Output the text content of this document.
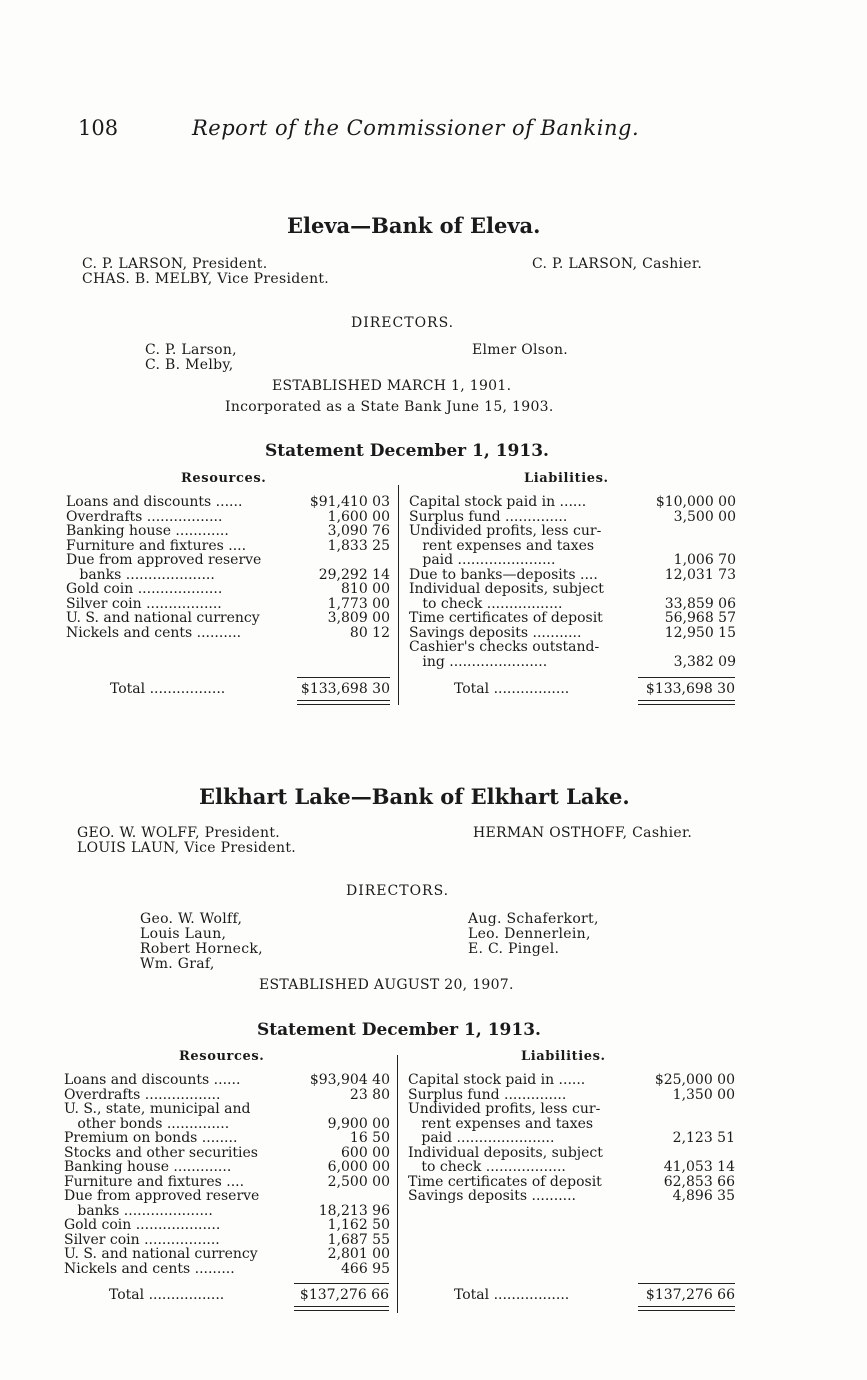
108	Report of the Commissioner of Banking.
Eleva—Bank of Eleva.
C. P. LARSON, President.
CHAS. B. MELBY, Vice President.
C. P. LARSON, Cashier.
DIRECTORS.
C. P. Larson,
C. B. Melby,
Elmer Olson.
ESTABLISHED MARCH 1, 1901.
Incorporated as a State Bank June 15, 1903.
Statement December 1, 1913.
Resources.	Liabilities.
Loans and discounts ......	$91,410 03
Overdrafts .................	1,600 00
Banking house ............	3,090 76
Furniture and fixtures ....	1,833 25
Due from approved reserve
banks ....................	29,292 14
Gold coin ...................	810 00
Silver coin .................	1,773 00
U. S. and national currency	3,809 00
Nickels and cents ..........	80 12
Capital stock paid in ......	$10,000 00
Surplus fund ..............	3,500 00
Undivided profits, less cur-
rent expenses and taxes
paid ......................	1,006 70
Due to banks—deposits ....	12,031 73
Individual deposits, subject
to check .................	33,859 06
Time certificates of deposit	56,968 57
Savings deposits ...........	12,950 15
Cashier's checks outstand-
ing ......................	3,382 09
Total .................	$133,698 30	Total .................	$133,698 30
Elkhart Lake—Bank of Elkhart Lake.
GEO. W. WOLFF, President.
LOUIS LAUN, Vice President.
HERMAN OSTHOFF, Cashier.
DIRECTORS.
Geo. W. Wolff,
Louis Laun,
Robert Horneck,
Wm. Graf,
Aug. Schaferkort,
Leo. Dennerlein,
E. C. Pingel.
ESTABLISHED AUGUST 20, 1907.
Statement December 1, 1913.
Resources.	Liabilities.
Loans and discounts ......	$93,904 40
Overdrafts .................	23 80
U. S., state, municipal and
other bonds ..............	9,900 00
Premium on bonds ........	16 50
Stocks and other securities	600 00
Banking house .............	6,000 00
Furniture and fixtures ....	2,500 00
Due from approved reserve
banks ....................	18,213 96
Gold coin ...................	1,162 50
Silver coin .................	1,687 55
U. S. and national currency	2,801 00
Nickels and cents .........	466 95
Capital stock paid in ......	$25,000 00
Surplus fund ..............	1,350 00
Undivided profits, less cur-
rent expenses and taxes
paid ......................	2,123 51
Individual deposits, subject
to check ..................	41,053 14
Time certificates of deposit	62,853 66
Savings deposits ..........	4,896 35
Total .................	$137,276 66	Total .................	$137,276 66
